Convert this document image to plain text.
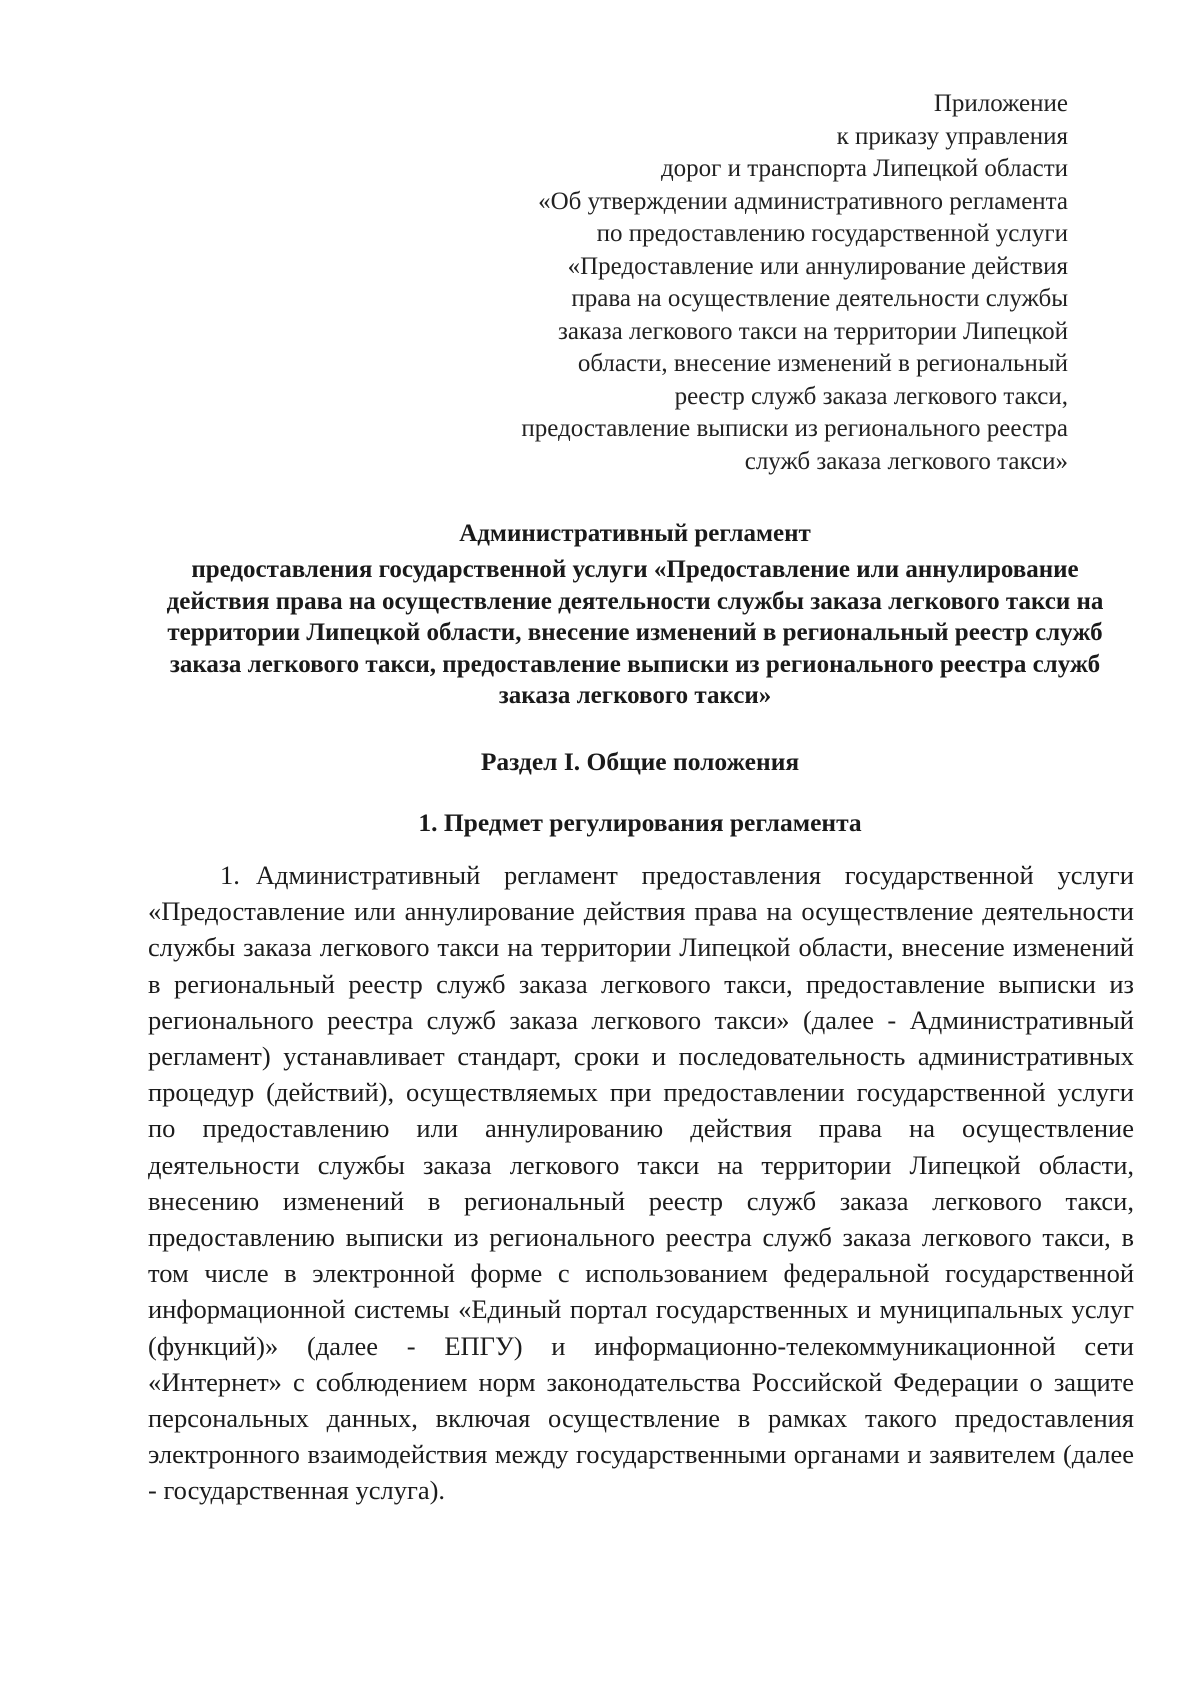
Приложение
к приказу управления
дорог и транспорта Липецкой области
«Об утверждении административного регламента
по предоставлению государственной услуги
«Предоставление или аннулирование действия
права на осуществление деятельности службы
заказа легкового такси на территории Липецкой
области, внесение изменений в региональный
реестр служб заказа легкового такси,
предоставление выписки из регионального реестра
служб заказа легкового такси»
Административный регламент
предоставления государственной услуги «Предоставление или аннулирование действия права на осуществление деятельности службы заказа легкового такси на территории Липецкой области, внесение изменений в региональный реестр служб заказа легкового такси, предоставление выписки из регионального реестра служб заказа легкового такси»
Раздел I. Общие положения
1. Предмет регулирования регламента

1. Административный регламент предоставления государственной услуги «Предоставление или аннулирование действия права на осуществление деятельности службы заказа легкового такси на территории Липецкой области, внесение изменений в региональный реестр служб заказа легкового такси, предоставление выписки из регионального реестра служб заказа легкового такси» (далее - Административный регламент) устанавливает стандарт, сроки и последовательность административных процедур (действий), осуществляемых при предоставлении государственной услуги по предоставлению или аннулированию действия права на осуществление деятельности службы заказа легкового такси на территории Липецкой области, внесению изменений в региональный реестр служб заказа легкового такси, предоставлению выписки из регионального реестра служб заказа легкового такси, в том числе в электронной форме с использованием федеральной государственной информационной системы «Единый портал государственных и муниципальных услуг (функций)» (далее - ЕПГУ) и информационно-телекоммуникационной сети «Интернет» с соблюдением норм законодательства Российской Федерации о защите персональных данных, включая осуществление в рамках такого предоставления электронного взаимодействия между государственными органами и заявителем (далее - государственная услуга).
